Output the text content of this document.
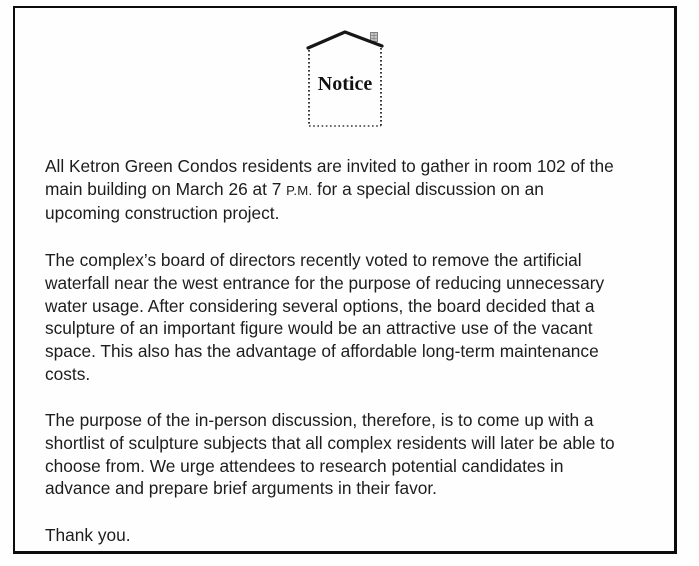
Notice
All Ketron Green Condos residents are invited to gather in room 102 of the
main building on March 26 at 7 P.M. for a special discussion on an
upcoming construction project.
The complex’s board of directors recently voted to remove the artificial
waterfall near the west entrance for the purpose of reducing unnecessary
water usage. After considering several options, the board decided that a
sculpture of an important figure would be an attractive use of the vacant
space. This also has the advantage of affordable long-term maintenance
costs.
The purpose of the in-person discussion, therefore, is to come up with a
shortlist of sculpture subjects that all complex residents will later be able to
choose from. We urge attendees to research potential candidates in
advance and prepare brief arguments in their favor.
Thank you.
